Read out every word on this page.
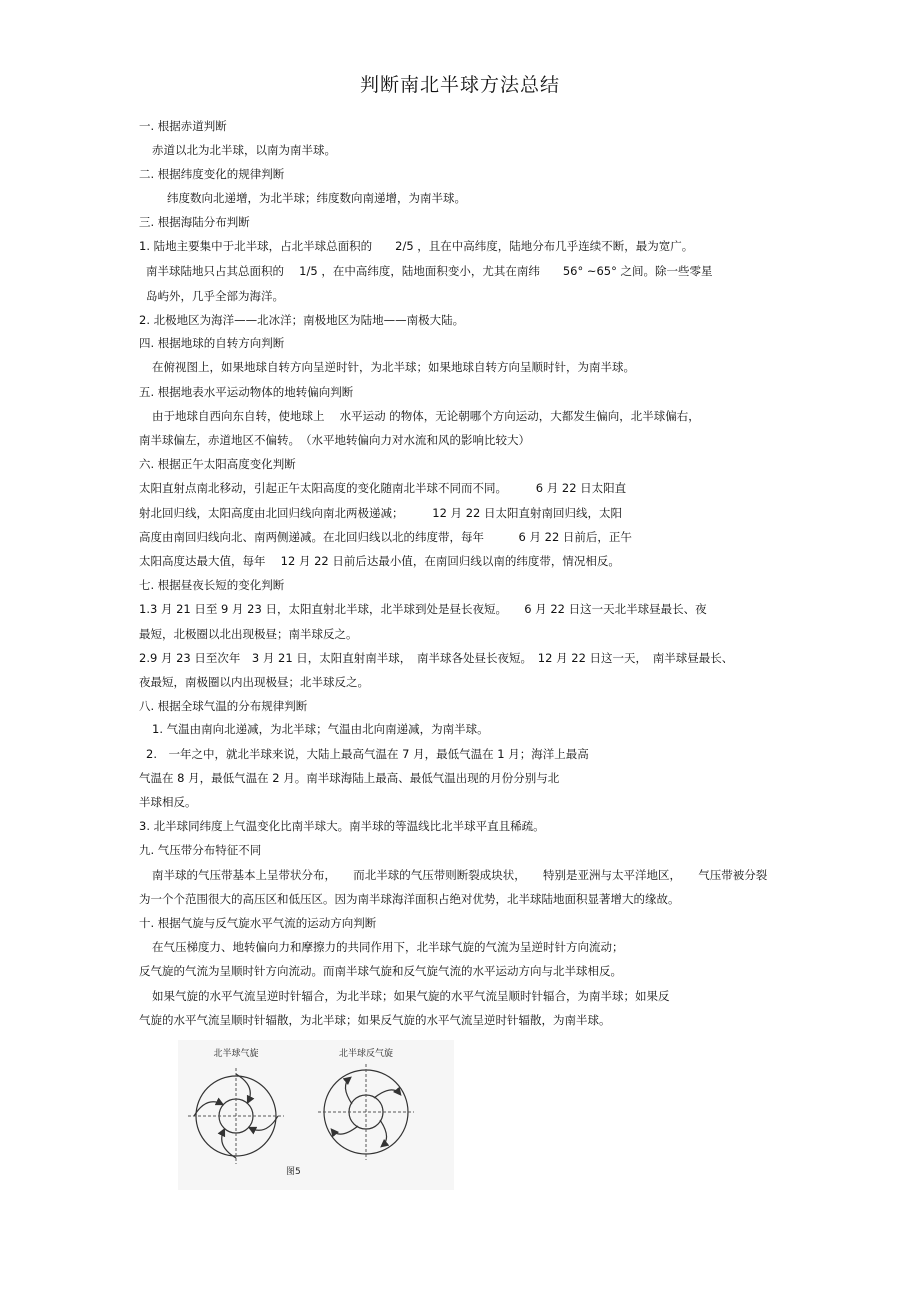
判断南北半球方法总结
一. 根据赤道判断
赤道以北为北半球，以南为南半球。
二. 根据纬度变化的规律判断
纬度数向北递增，为北半球；纬度数向南递增，为南半球。
三. 根据海陆分布判断
1. 陆地主要集中于北半球，占北半球总面积的　　2/5 ，且在中高纬度，陆地分布几乎连续不断，最为宽广。
南半球陆地只占其总面积的　 1/5 ，在中高纬度，陆地面积变小，尤其在南纬　　56° ~65° 之间。除一些零星
岛屿外，几乎全部为海洋。
2. 北极地区为海洋——北冰洋；南极地区为陆地——南极大陆。
四. 根据地球的自转方向判断
在俯视图上，如果地球自转方向呈逆时针，为北半球；如果地球自转方向呈顺时针，为南半球。
五. 根据地表水平运动物体的地转偏向判断
由于地球自西向东自转，使地球上　 水平运动 的物体，无论朝哪个方向运动，大都发生偏向，北半球偏右，
南半球偏左，赤道地区不偏转。　（水平地转偏向力对水流和风的影响比较大）
六. 根据正午太阳高度变化判断
太阳直射点南北移动，引起正午太阳高度的变化随南北半球不同而不同。　　　6 月 22 日太阳直
射北回归线，太阳高度由北回归线向南北两极递减；　　　12 月 22 日太阳直射南回归线，太阳
高度由南回归线向北、南两侧递减。在北回归线以北的纬度带，每年　　　6 月 22 日前后，正午
太阳高度达最大值，每年　 12 月 22 日前后达最小值，在南回归线以南的纬度带，情况相反。
七. 根据昼夜长短的变化判断
1.3 月 21 日至 9 月 23 日，太阳直射北半球，北半球到处是昼长夜短。　　6 月 22 日这一天北半球昼最长、夜
最短，北极圈以北出现极昼；南半球反之。
2.9 月 23 日至次年　3 月 21 日，太阳直射南半球，　南半球各处昼长夜短。　12 月 22 日这一天，　南半球昼最长、
夜最短，南极圈以内出现极昼；北半球反之。
八. 根据全球气温的分布规律判断
1. 气温由南向北递减，为北半球；气温由北向南递减，为南半球。
2.　一年之中，就北半球来说，大陆上最高气温在 7 月，最低气温在 1 月；海洋上最高
气温在 8 月，最低气温在 2 月。南半球海陆上最高、最低气温出现的月份分别与北
半球相反。
3. 北半球同纬度上气温变化比南半球大。南半球的等温线比北半球平直且稀疏。
九. 气压带分布特征不同
南半球的气压带基本上呈带状分布，　　而北半球的气压带则断裂成块状，　　特别是亚洲与太平洋地区，　　气压带被分裂
为一个个范围很大的高压区和低压区。因为南半球海洋面积占绝对优势，北半球陆地面积显著增大的缘故。
十. 根据气旋与反气旋水平气流的运动方向判断
在气压梯度力、地转偏向力和摩擦力的共同作用下，北半球气旋的气流为呈逆时针方向流动；
反气旋的气流为呈顺时针方向流动。而南半球气旋和反气旋气流的水平运动方向与北半球相反。
如果气旋的水平气流呈逆时针辐合，为北半球；如果气旋的水平气流呈顺时针辐合，为南半球；如果反
气旋的水平气流呈顺时针辐散，为北半球；如果反气旋的水平气流呈逆时针辐散，为南半球。
北半球气旋	北半球反气旋
图5
